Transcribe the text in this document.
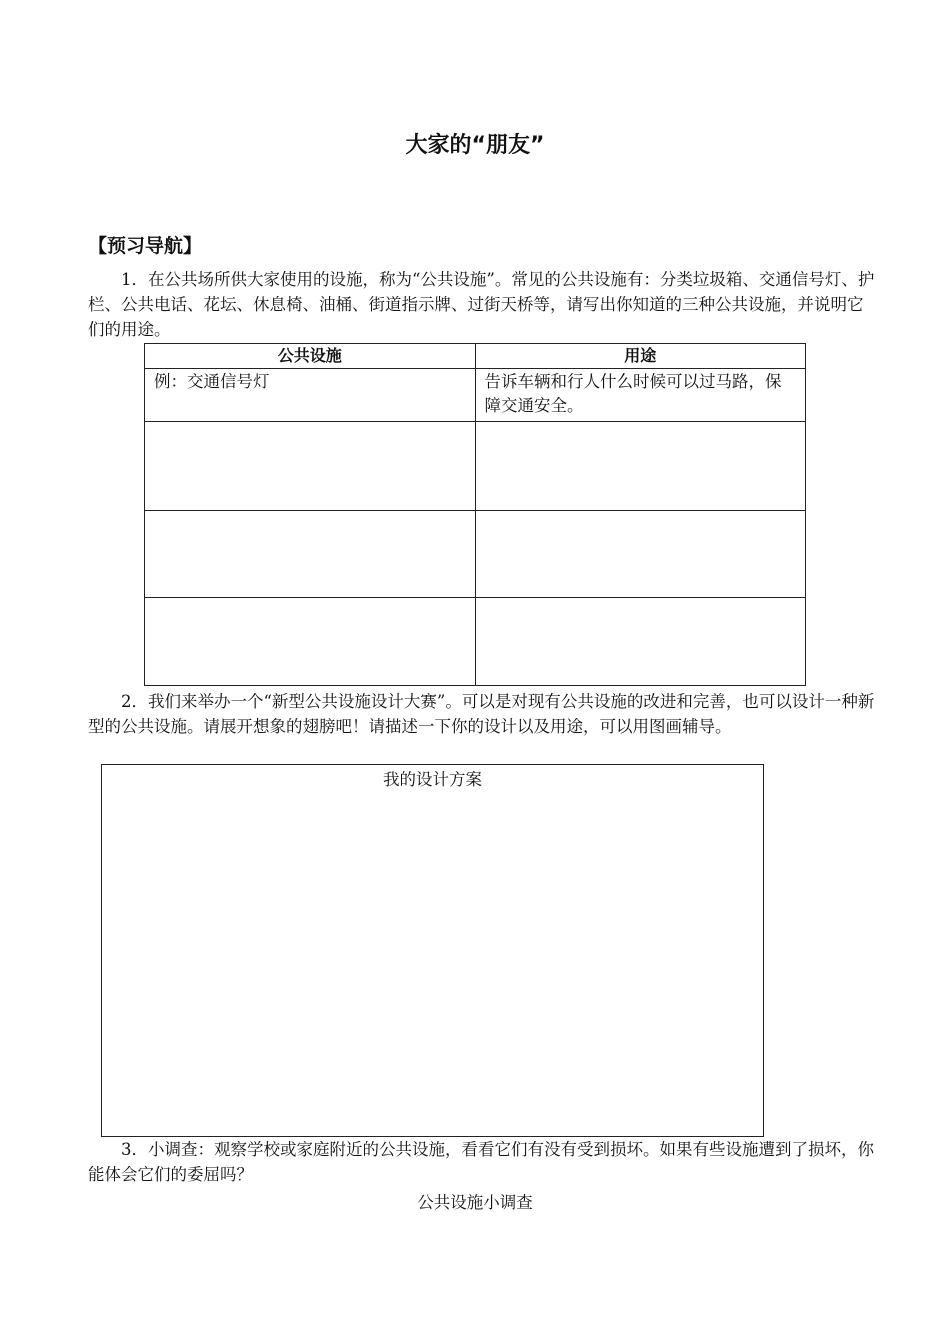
大家的“朋友”
【预习导航】

1．在公共场所供大家使用的设施，称为“公共设施”。常见的公共设施有：分类垃圾箱、交通信号灯、护栏、公共电话、花坛、休息椅、油桶、街道指示牌、过街天桥等，请写出你知道的三种公共设施，并说明它们的用途。

公共设施	用途
例：交通信号灯	告诉车辆和行人什么时候可以过马路，保障交通安全。

2．我们来举办一个“新型公共设施设计大赛”。可以是对现有公共设施的改进和完善，也可以设计一种新型的公共设施。请展开想象的翅膀吧！请描述一下你的设计以及用途，可以用图画辅导。

我的设计方案

3．小调查：观察学校或家庭附近的公共设施，看看它们有没有受到损坏。如果有些设施遭到了损坏，你能体会它们的委屈吗？

公共设施小调查
